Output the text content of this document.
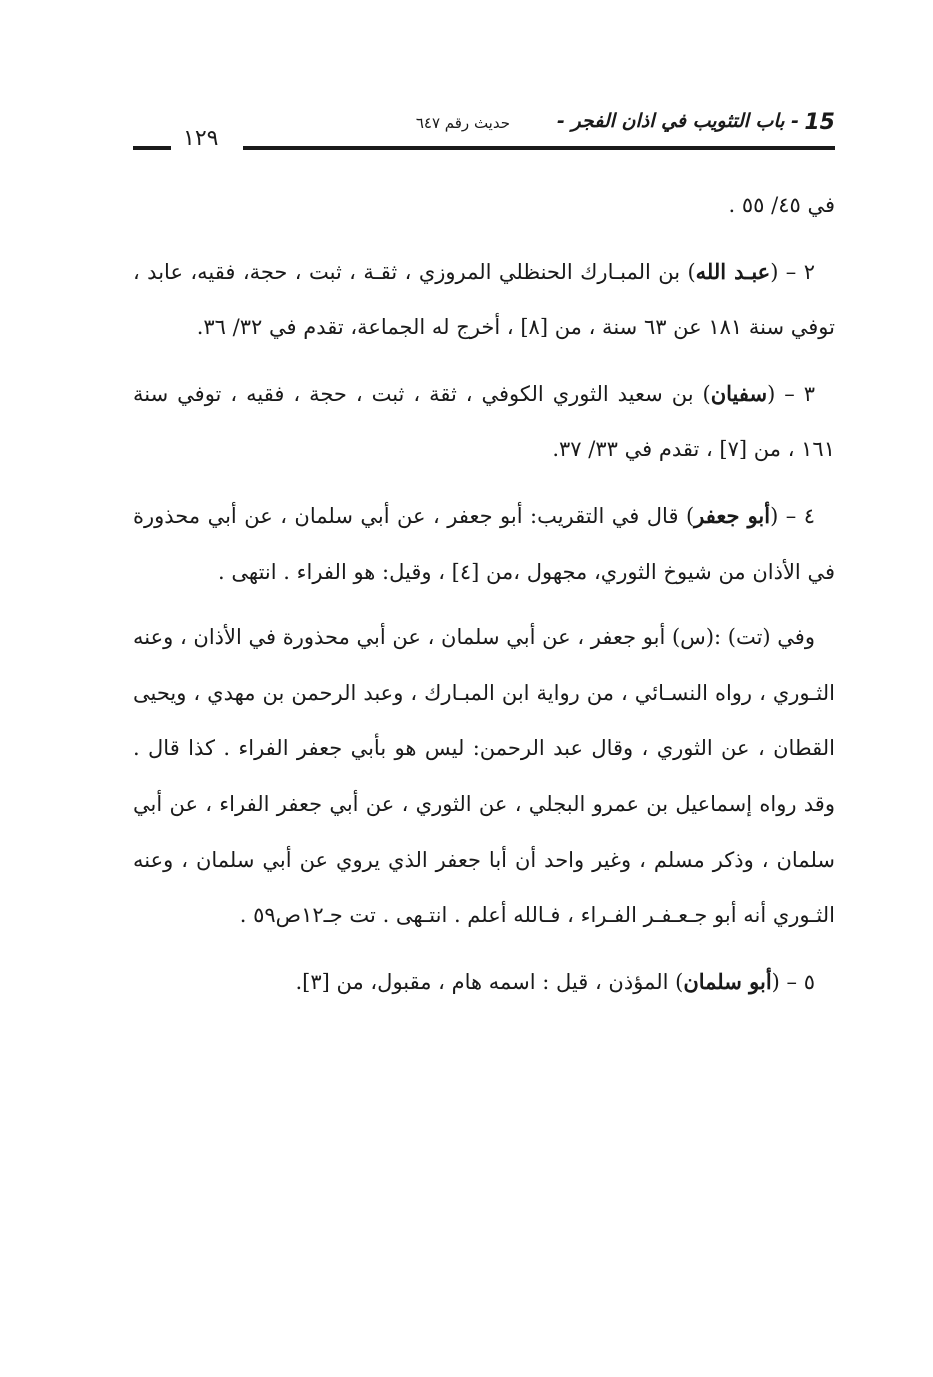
15
- باب التثويب في اذان الفجر -
حديث رقم ٦٤٧
١٢٩

في ٤٥/ ٥٥ .

٢ – (عبـد الله) بن المبـارك الحنظلي المروزي ، ثقـة ، ثبت ، حجة، فقيه، عابد ، توفي سنة ١٨١ عن ٦٣ سنة ، من [٨] ، أخرج له الجماعة، تقدم في ٣٢/ ٣٦.

٣ – (سفيان) بن سعيد الثوري الكوفي ، ثقة ، ثبت ، حجة ، فقيه ، توفي سنة ١٦١ ، من [٧] ، تقدم في ٣٣/ ٣٧.

٤ – (أبو جعفر) قال في التقريب: أبو جعفر ، عن أبي سلمان ، عن أبي محذورة في الأذان من شيوخ الثوري، مجهول ،من [٤] ، وقيل: هو الفراء . انتهى .

وفي (تت) :(س) أبو جعفر ، عن أبي سلمان ، عن أبي محذورة في الأذان ، وعنه الثـوري ، رواه النسـائي ، من رواية ابن المبـارك ، وعبد الرحمن بن مهدي ، ويحيى القطان ، عن الثوري ، وقال عبد الرحمن: ليس هو بأبي جعفر الفراء . كذا قال . وقد رواه إسماعيل بن عمرو البجلي ، عن الثوري ، عن أبي جعفر الفراء ، عن أبي سلمان ، وذكر مسلم ، وغير واحد أن أبا جعفر الذي يروي عن أبي سلمان ، وعنه الثـوري أنه أبو جـعـفـر الفـراء ، فـالله أعلم . انتـهى . تت جـ١٢ص٥٩ .

٥ – (أبو سلمان) المؤذن ، قيل : اسمه هام ، مقبول، من [٣].
